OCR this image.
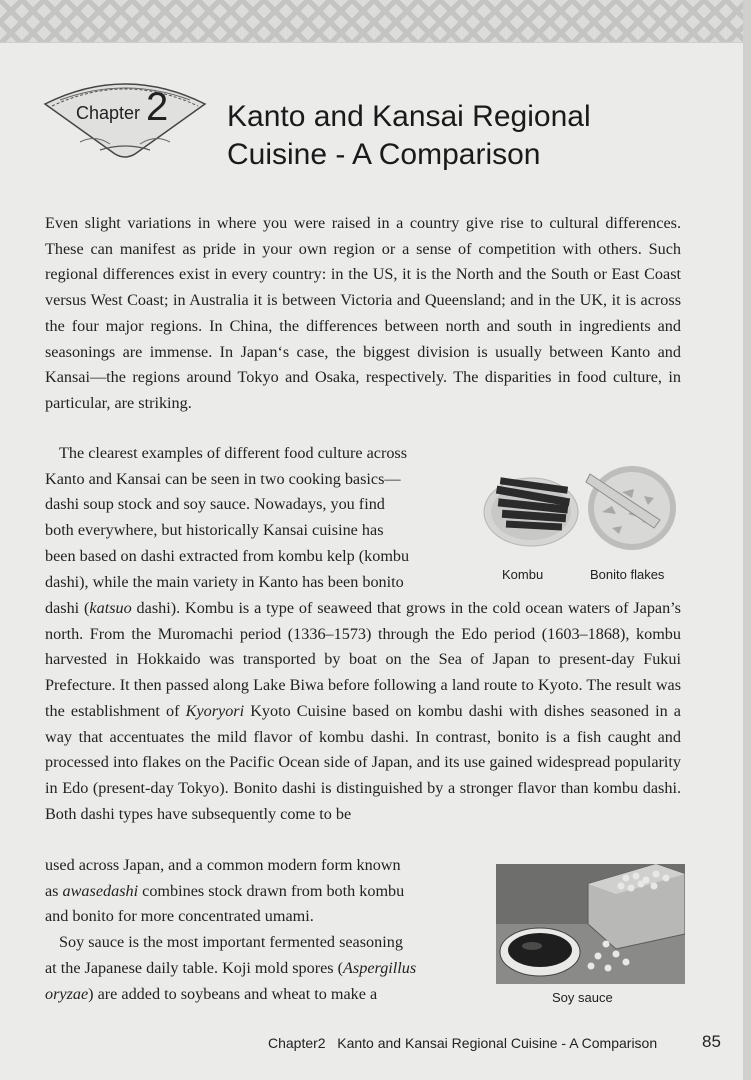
Chapter 2 Kanto and Kansai Regional
Cuisine - A Comparison

Even slight variations in where you were raised in a country give rise to cultural differences. These can manifest as pride in your own region or a sense of competition with others. Such regional differences exist in every country: in the US, it is the North and the South or East Coast versus West Coast; in Australia it is between Victoria and Queensland; and in the UK, it is across the four major regions. In China, the differences between north and south in ingredients and seasonings are immense. In Japan‘s case, the biggest division is usually between Kanto and Kansai—the regions around Tokyo and Osaka, respectively. The disparities in food culture, in particular, are striking.

The clearest examples of different food culture across
Kanto and Kansai can be seen in two cooking basics—
dashi soup stock and soy sauce. Nowadays, you find
both everywhere, but historically Kansai cuisine has
been based on dashi extracted from kombu kelp (kombu
dashi), while the main variety in Kanto has been bonito	Kombu	Bonito flakes

dashi (katsuo dashi). Kombu is a type of seaweed that grows in the cold ocean waters of Japan’s north. From the Muromachi period (1336–1573) through the Edo period (1603–1868), kombu harvested in Hokkaido was transported by boat on the Sea of Japan to present-day Fukui Prefecture. It then passed along Lake Biwa before following a land route to Kyoto. The result was the establishment of Kyoryori Kyoto Cuisine based on kombu dashi with dishes seasoned in a way that accentuates the mild flavor of kombu dashi. In contrast, bonito is a fish caught and processed into flakes on the Pacific Ocean side of Japan, and its use gained widespread popularity in Edo (present-day Tokyo). Bonito dashi is distinguished by a stronger flavor than kombu dashi. Both dashi types have subsequently come to be

used across Japan, and a common modern form known
as awasedashi combines stock drawn from both kombu
and bonito for more concentrated umami.
Soy sauce is the most important fermented seasoning
at the Japanese daily table. Koji mold spores (Aspergillus
oryzae) are added to soybeans and wheat to make a	Soy sauce
Chapter2   Kanto and Kansai Regional Cuisine - A Comparison	85
